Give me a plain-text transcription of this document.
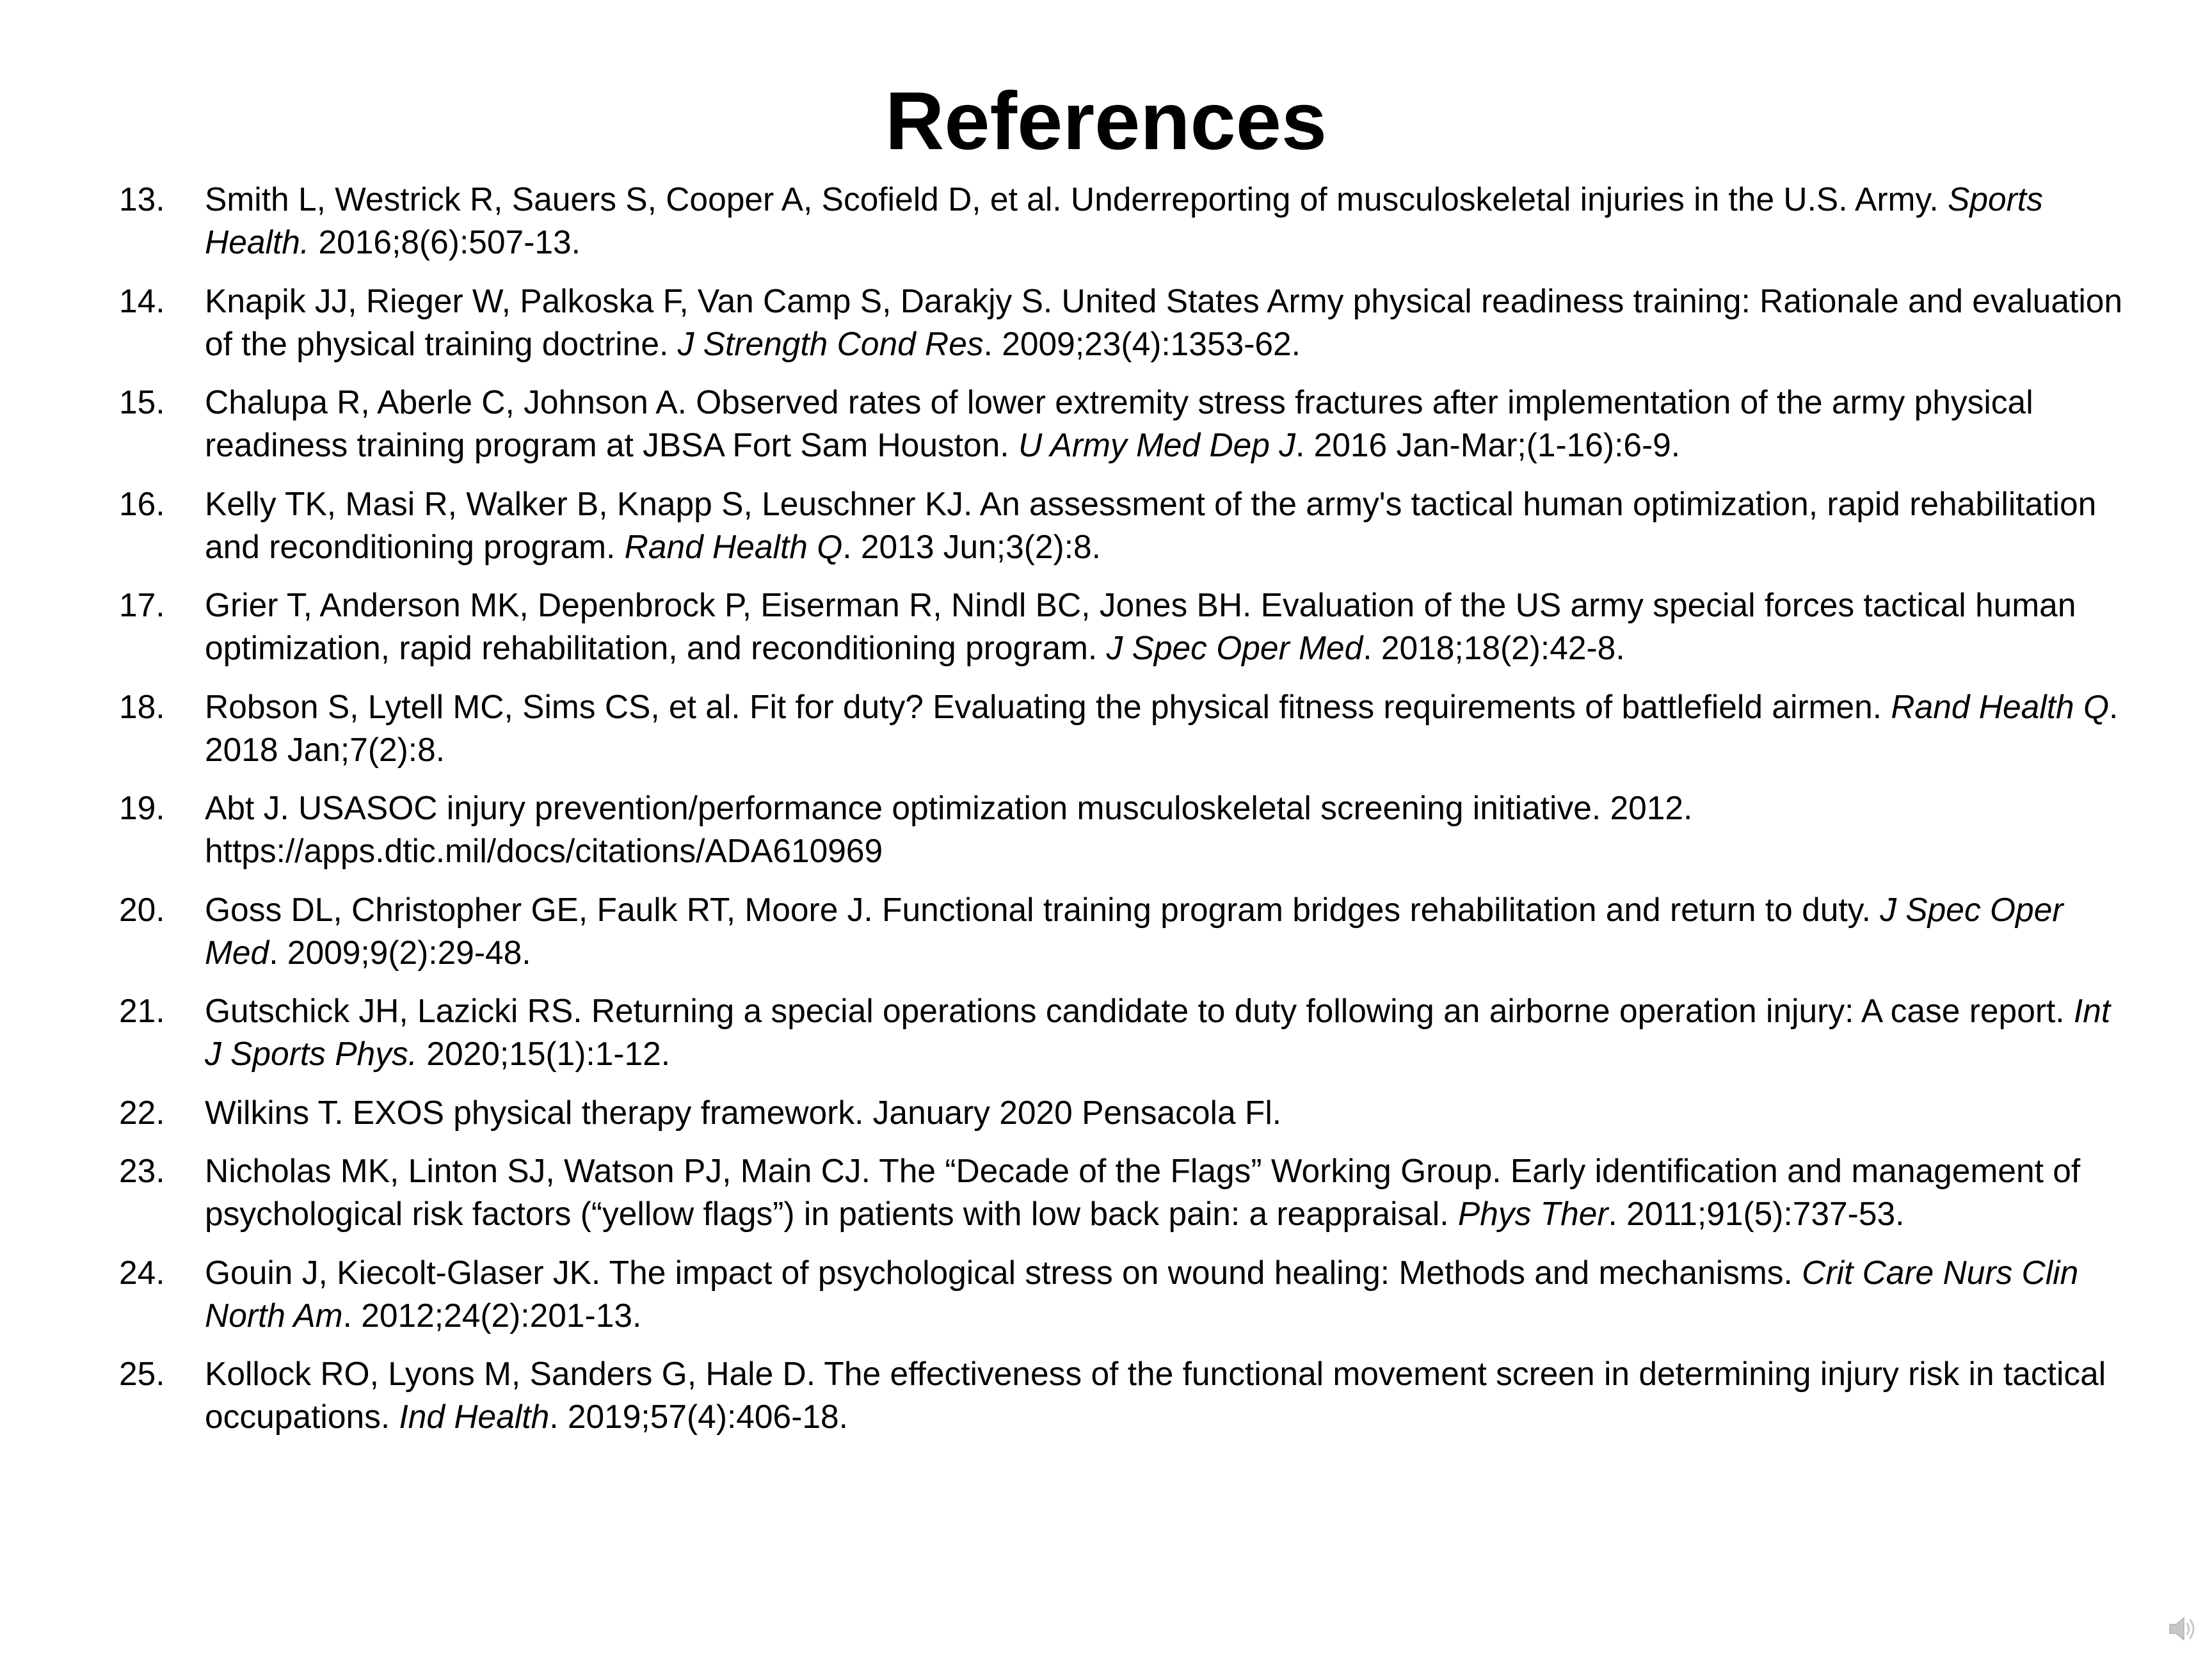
References
13.	Smith L, Westrick R, Sauers S, Cooper A, Scofield D, et al. Underreporting of musculoskeletal injuries in the U.S. Army. Sports Health. 2016;8(6):507-13.
14.	Knapik JJ, Rieger W, Palkoska F, Van Camp S, Darakjy S. United States Army physical readiness training: Rationale and evaluation of the physical training doctrine. J Strength Cond Res. 2009;23(4):1353-62.
15.	Chalupa R, Aberle C, Johnson A. Observed rates of lower extremity stress fractures after implementation of the army physical readiness training program at JBSA Fort Sam Houston. U Army Med Dep J. 2016 Jan-Mar;(1-16):6-9.
16.	Kelly TK, Masi R, Walker B, Knapp S, Leuschner KJ. An assessment of the army's tactical human optimization, rapid rehabilitation and reconditioning program. Rand Health Q. 2013 Jun;3(2):8.
17.	Grier T, Anderson MK, Depenbrock P, Eiserman R, Nindl BC, Jones BH. Evaluation of the US army special forces tactical human optimization, rapid rehabilitation, and reconditioning program. J Spec Oper Med. 2018;18(2):42-8.
18.	Robson S, Lytell MC, Sims CS, et al. Fit for duty? Evaluating the physical fitness requirements of battlefield airmen. Rand Health Q. 2018 Jan;7(2):8.
19.	Abt J. USASOC injury prevention/performance optimization musculoskeletal screening initiative. 2012. https://apps.dtic.mil/docs/citations/ADA610969
20.	Goss DL, Christopher GE, Faulk RT, Moore J. Functional training program bridges rehabilitation and return to duty. J Spec Oper Med. 2009;9(2):29-48.
21.	Gutschick JH, Lazicki RS. Returning a special operations candidate to duty following an airborne operation injury: A case report. Int J Sports Phys. 2020;15(1):1-12.
22.	Wilkins T. EXOS physical therapy framework. January 2020 Pensacola Fl.
23.	Nicholas MK, Linton SJ, Watson PJ, Main CJ. The “Decade of the Flags” Working Group. Early identification and management of psychological risk factors (“yellow flags”) in patients with low back pain: a reappraisal. Phys Ther. 2011;91(5):737-53.
24.	Gouin J, Kiecolt-Glaser JK. The impact of psychological stress on wound healing: Methods and mechanisms. Crit Care Nurs Clin North Am. 2012;24(2):201-13.
25.	Kollock RO, Lyons M, Sanders G, Hale D. The effectiveness of the functional movement screen in determining injury risk in tactical occupations. Ind Health. 2019;57(4):406-18.
